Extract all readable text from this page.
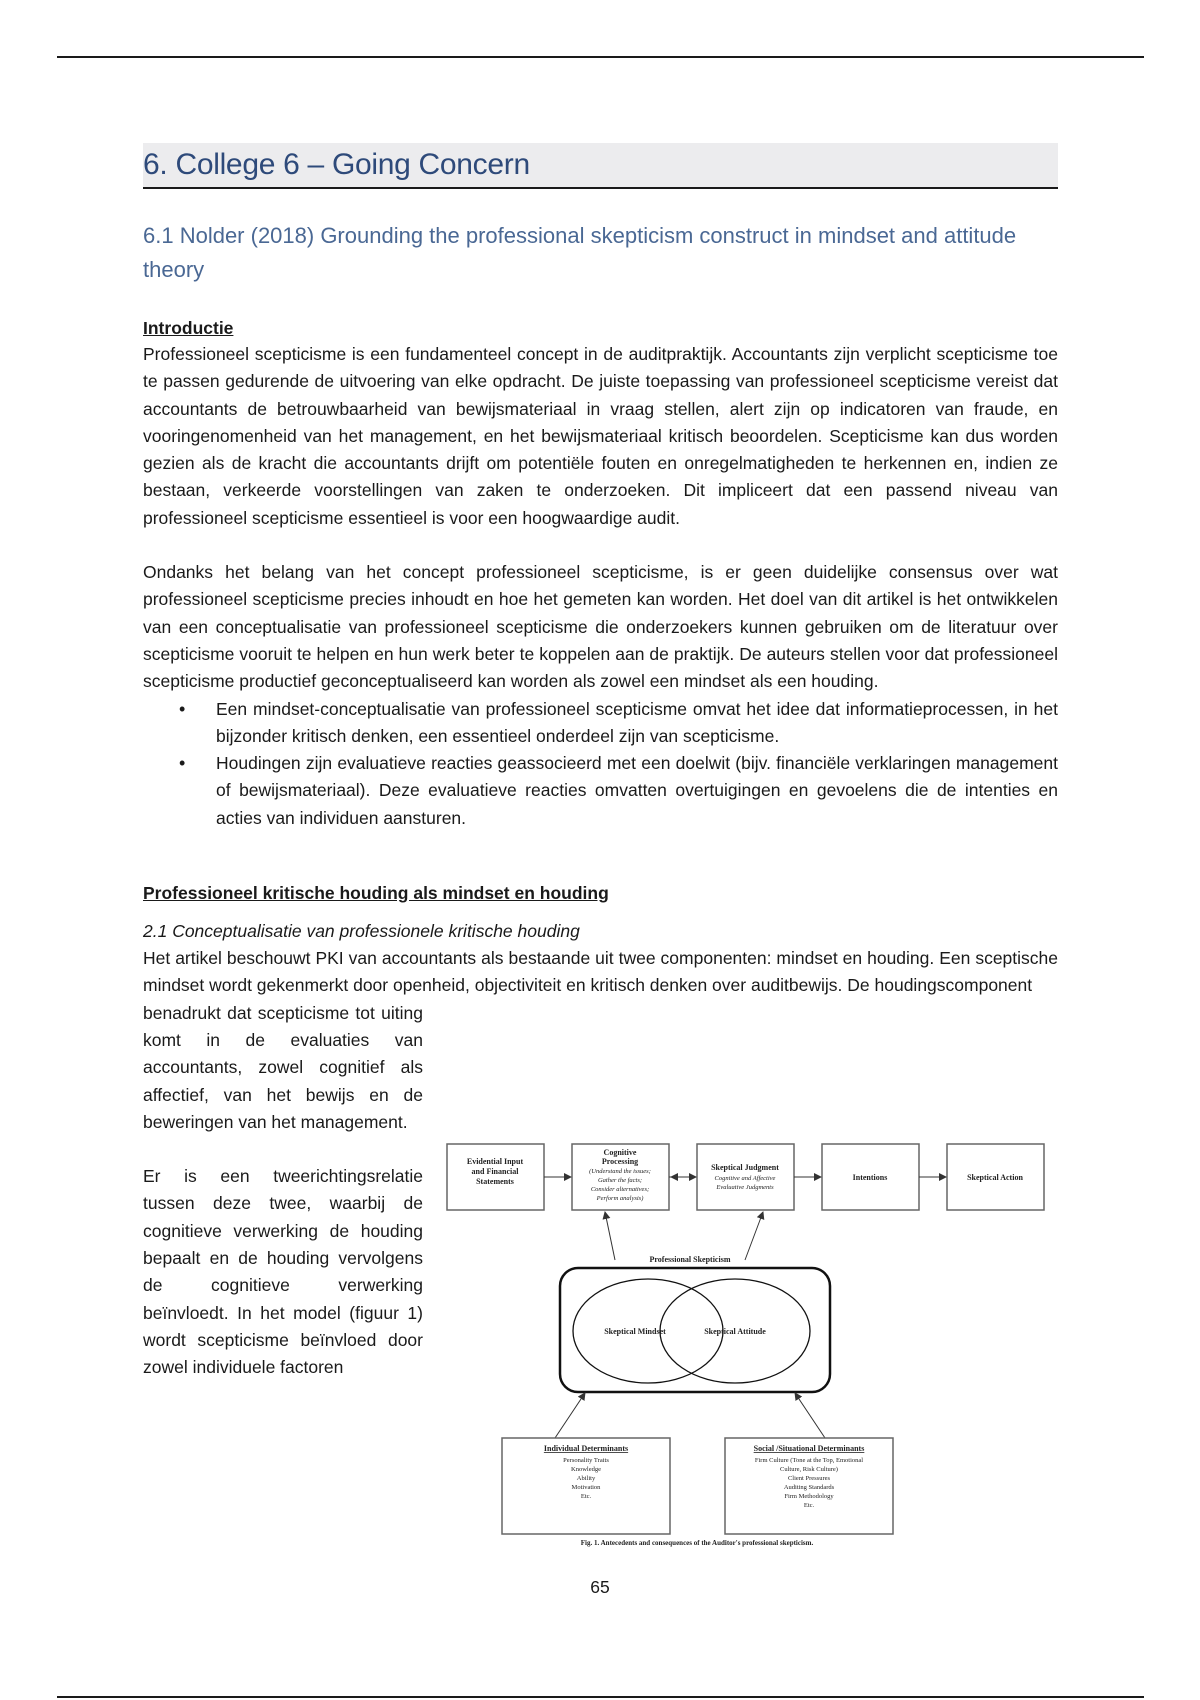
6. College 6 – Going Concern
6.1 Nolder (2018) Grounding the professional skepticism construct in mindset and attitude theory
Introductie

Professioneel scepticisme is een fundamenteel concept in de auditpraktijk. Accountants zijn verplicht scepticisme toe te passen gedurende de uitvoering van elke opdracht. De juiste toepassing van professioneel scepticisme vereist dat accountants de betrouwbaarheid van bewijsmateriaal in vraag stellen, alert zijn op indicatoren van fraude, en vooringenomenheid van het management, en het bewijsmateriaal kritisch beoordelen. Scepticisme kan dus worden gezien als de kracht die accountants drijft om potentiële fouten en onregelmatigheden te herkennen en, indien ze bestaan, verkeerde voorstellingen van zaken te onderzoeken. Dit impliceert dat een passend niveau van professioneel scepticisme essentieel is voor een hoogwaardige audit.

Ondanks het belang van het concept professioneel scepticisme, is er geen duidelijke consensus over wat professioneel scepticisme precies inhoudt en hoe het gemeten kan worden. Het doel van dit artikel is het ontwikkelen van een conceptualisatie van professioneel scepticisme die onderzoekers kunnen gebruiken om de literatuur over scepticisme vooruit te helpen en hun werk beter te koppelen aan de praktijk. De auteurs stellen voor dat professioneel scepticisme productief geconceptualiseerd kan worden als zowel een mindset als een houding.

• Een mindset-conceptualisatie van professioneel scepticisme omvat het idee dat informatieprocessen, in het bijzonder kritisch denken, een essentieel onderdeel zijn van scepticisme.
• Houdingen zijn evaluatieve reacties geassocieerd met een doelwit (bijv. financiële verklaringen management of bewijsmateriaal). Deze evaluatieve reacties omvatten overtuigingen en gevoelens die de intenties en acties van individuen aansturen.
Professioneel kritische houding als mindset en houding
2.1 Conceptualisatie van professionele kritische houding

Het artikel beschouwt PKI van accountants als bestaande uit twee componenten: mindset en houding. Een sceptische mindset wordt gekenmerkt door openheid, objectiviteit en kritisch denken over auditbewijs. De houdingscomponent

benadrukt dat scepticisme tot uiting komt in de evaluaties van accountants, zowel cognitief als affectief, van het bewijs en de beweringen van het management.

Er is een tweerichtingsrelatie tussen deze twee, waarbij de cognitieve verwerking de houding bepaalt en de houding vervolgens de cognitieve verwerking beïnvloedt. In het model (figuur 1) wordt scepticisme beïnvloed door zowel individuele factoren

Evidential Input
and Financial
Statements
Cognitive
Processing
(Understand the issues;
Gather the facts;
Consider alternatives;
Perform analysis)
Skeptical Judgment
Cognitive and Affective
Evaluative Judgments
Intentions	Skeptical Action
Professional Skepticism
Skeptical Mindset	Skeptical Attitude
Individual Determinants
Personality Traits
Knowledge
Ability
Motivation
Etc.
Social /Situational Determinants
Firm Culture (Tone at the Top, Emotional
Culture, Risk Culture)
Client Pressures
Auditing Standards
Firm Methodology
Etc.
Fig. 1. Antecedents and consequences of the Auditor's professional skepticism.
65
